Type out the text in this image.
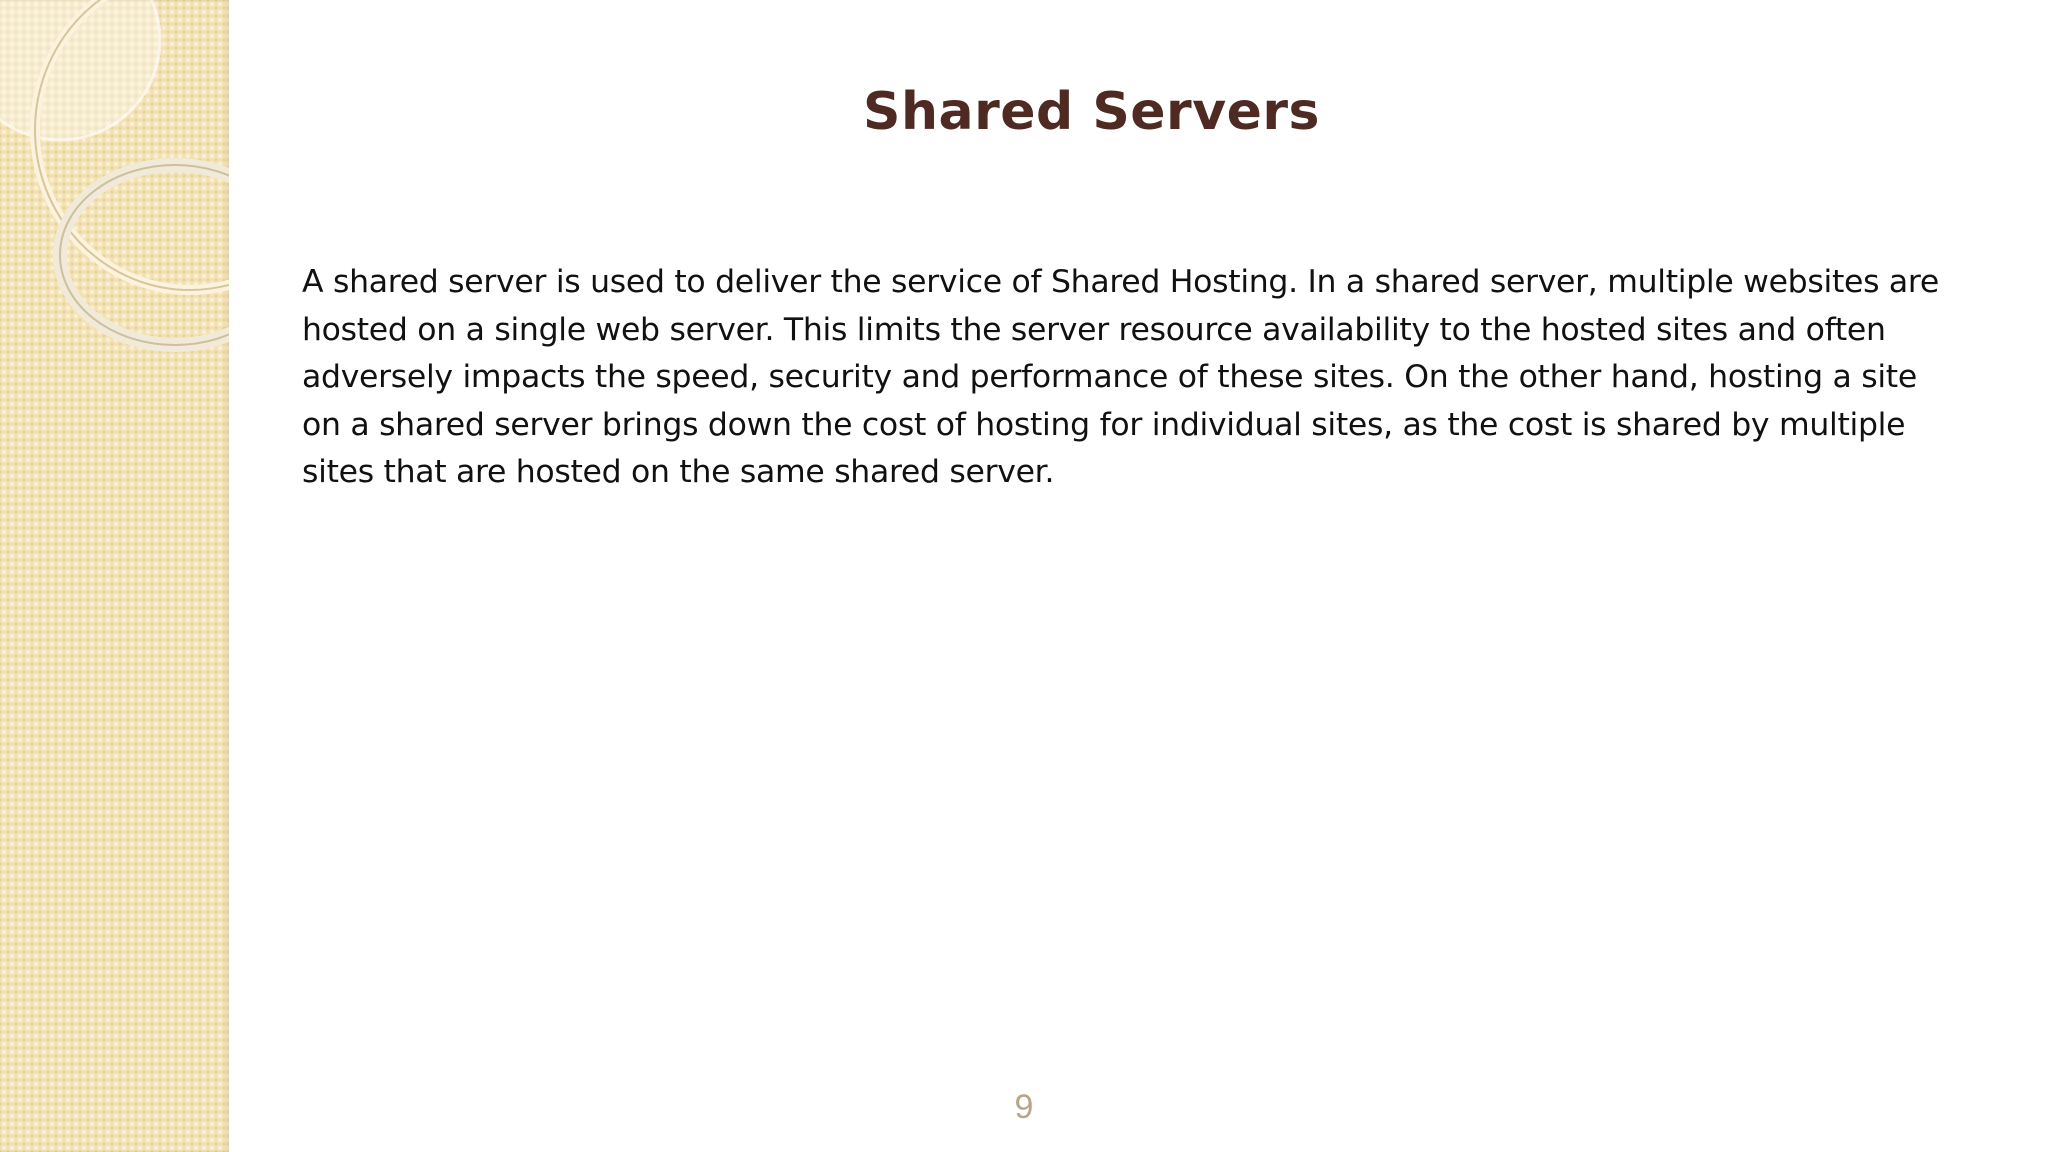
Shared Servers

A shared server is used to deliver the service of Shared Hosting. In a shared server, multiple websites are hosted on a single web server. This limits the server resource availability to the hosted sites and often adversely impacts the speed, security and performance of these sites. On the other hand, hosting a site on a shared server brings down the cost of hosting for individual sites, as the cost is shared by multiple sites that are hosted on the same shared server.

9
